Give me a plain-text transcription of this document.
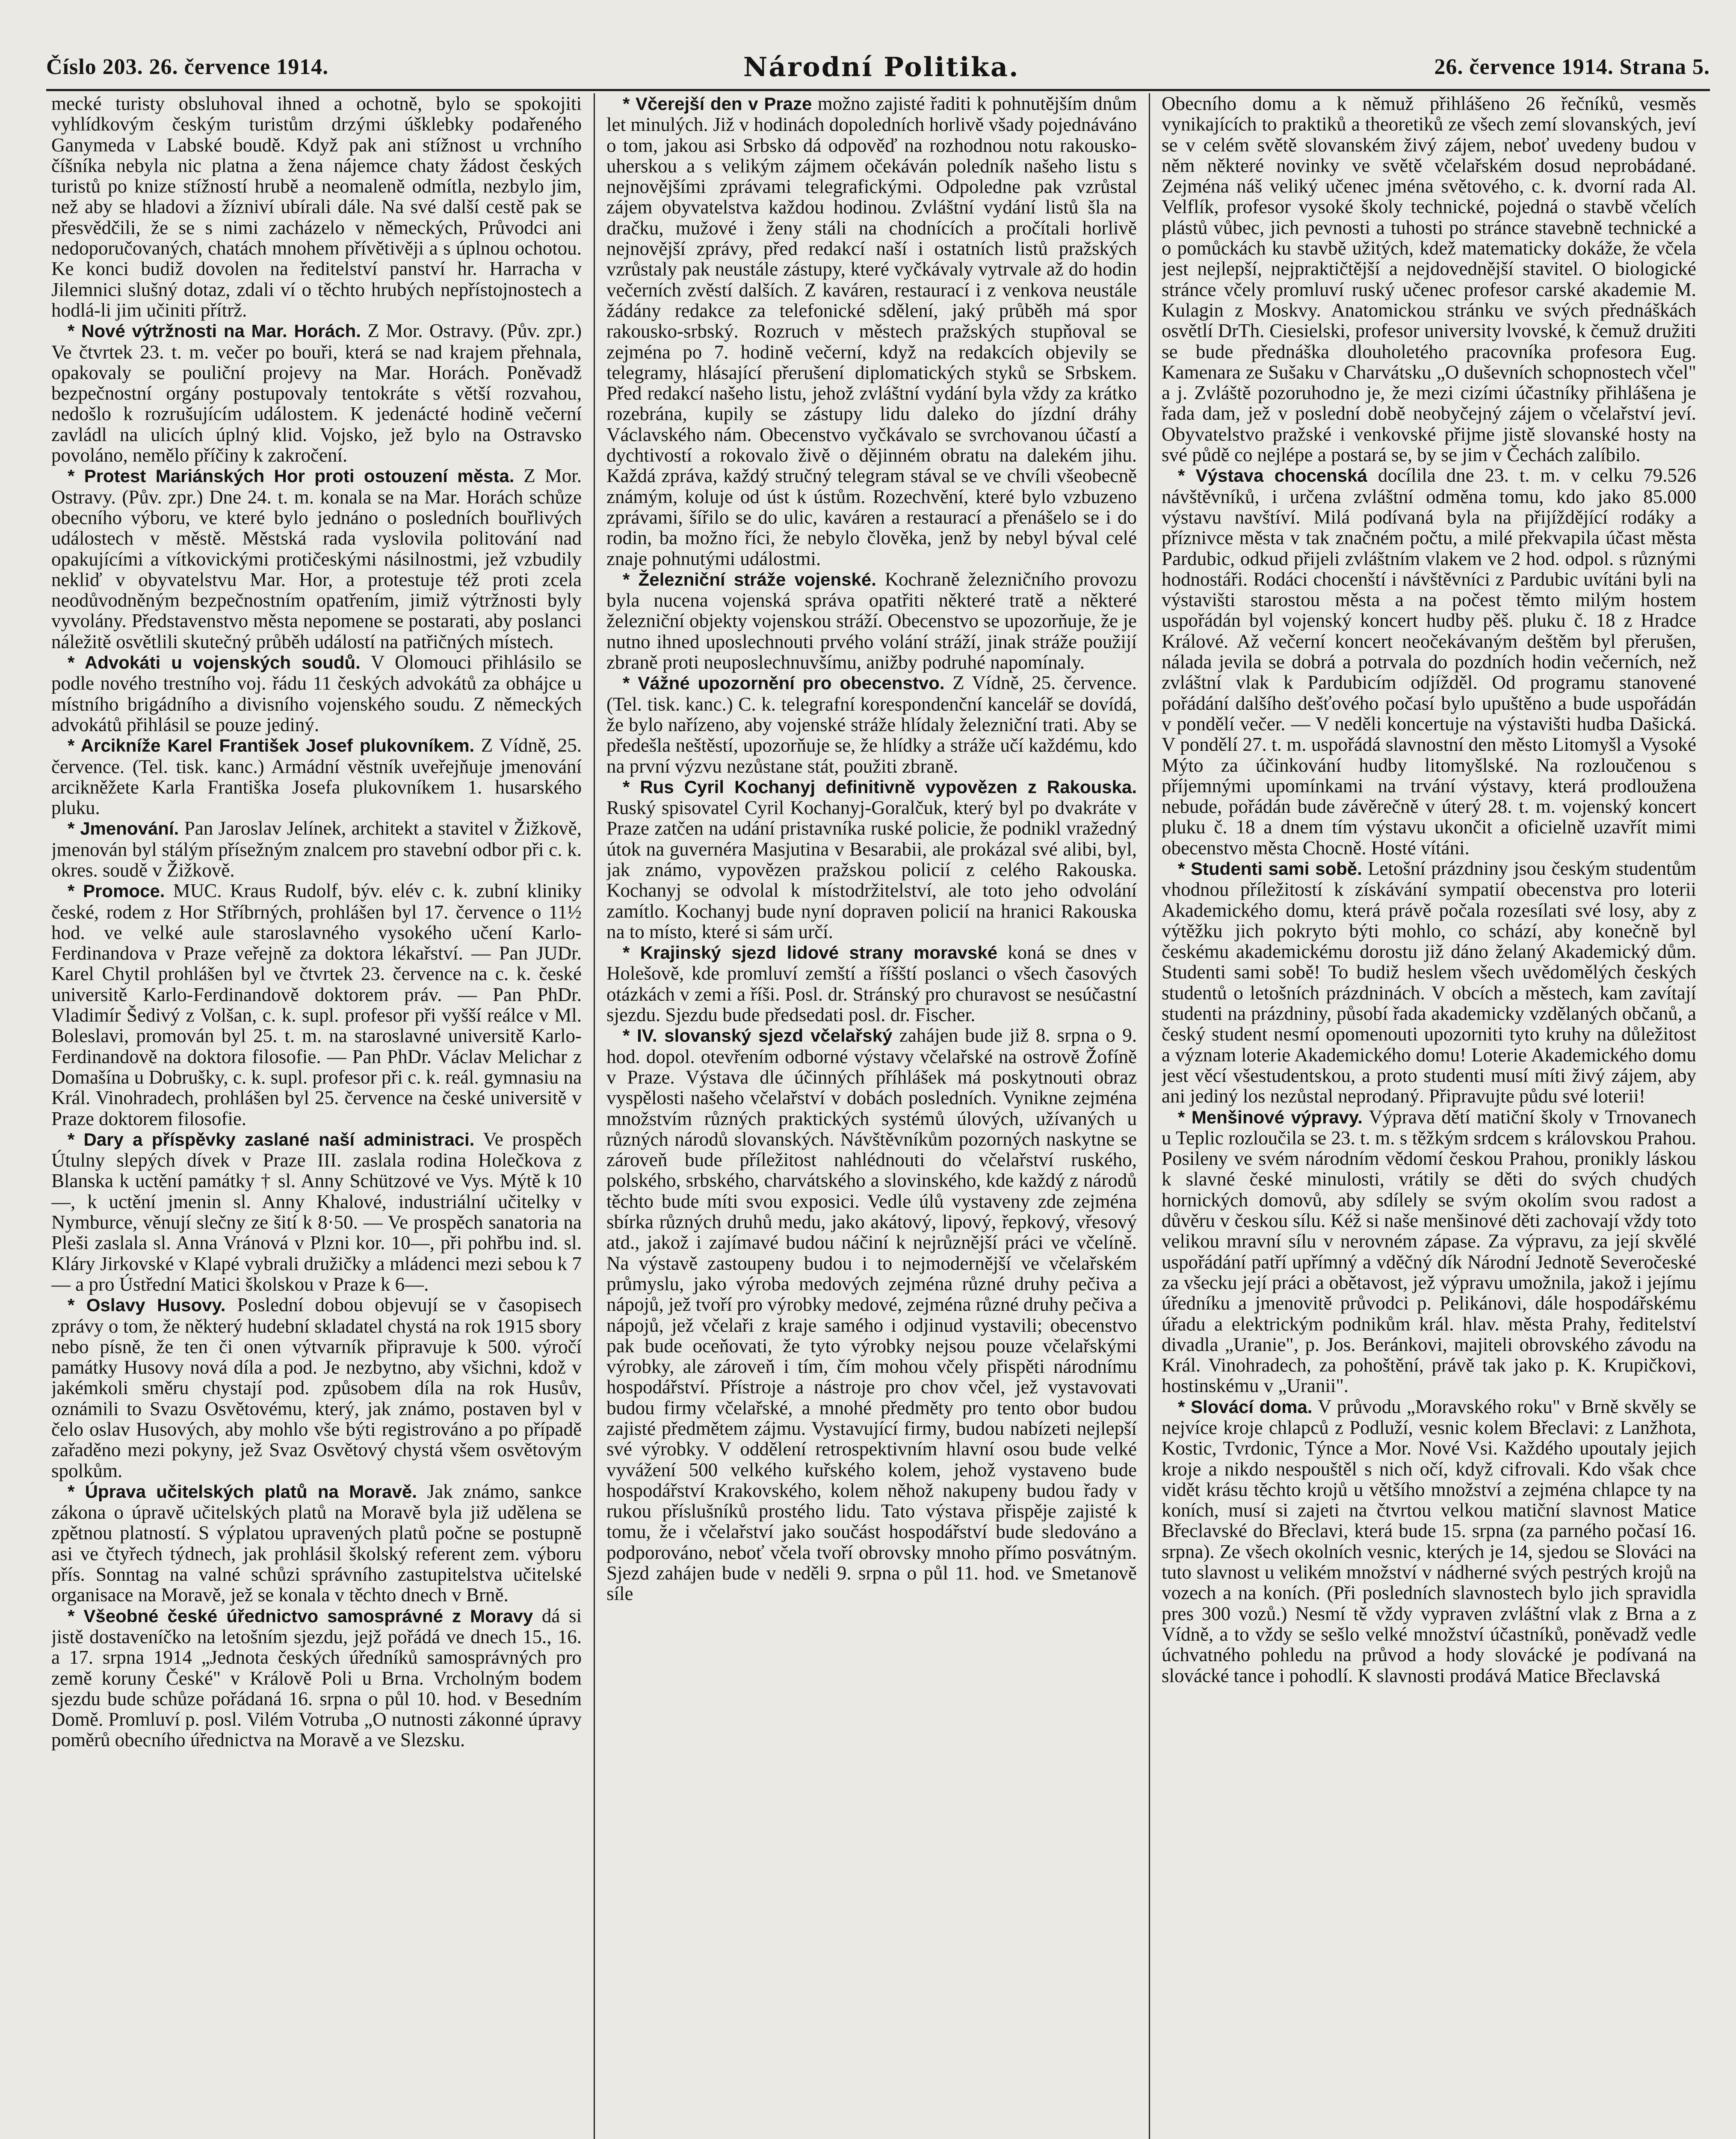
Číslo 203. 26. července 1914.	Národní Politika.	26. července 1914. Strana 5.

mecké turisty obsluhoval ihned a ochotně, bylo se spokojiti vyhlídkovým českým turistům drzými úšklebky podařeného Ganymeda v Labské boudě. Když pak ani stížnost u vrchního číšníka nebyla nic platna a žena nájemce chaty žádost českých turistů po knize stížností hrubě a neomaleně odmítla, nezbylo jim, než aby se hladovi a žízniví ubírali dále. Na své další cestě pak se přesvědčili, že se s nimi zacházelo v německých, Průvodci ani nedoporučovaných, chatách mnohem přívětivěji a s úplnou ochotou. Ke konci budiž dovolen na ředitelství panství hr. Harracha v Jilemnici slušný dotaz, zdali ví o těchto hrubých nepřístojnostech a hodlá-li jim učiniti přítrž.

* Nové výtržnosti na Mar. Horách. Z Mor. Ostravy. (Pův. zpr.) Ve čtvrtek 23. t. m. večer po bouři, která se nad krajem přehnala, opakovaly se pouliční projevy na Mar. Horách. Poněvadž bezpečnostní orgány postupovaly tentokráte s větší rozvahou, nedošlo k rozrušujícím událostem. K jedenácté hodině večerní zavládl na ulicích úplný klid. Vojsko, jež bylo na Ostravsko povoláno, nemělo příčiny k zakročení.

* Protest Mariánských Hor proti ostouzení města. Z Mor. Ostravy. (Pův. zpr.) Dne 24. t. m. konala se na Mar. Horách schůze obecního výboru, ve které bylo jednáno o posledních bouřlivých událostech v městě. Městská rada vyslovila politování nad opakujícími a vítkovickými protičeskými násilnostmi, jež vzbudily nekliď v obyvatelstvu Mar. Hor, a protestuje též proti zcela neodůvodněným bezpečnostním opatřením, jimiž výtržnosti byly vyvolány. Představenstvo města nepomene se postarati, aby poslanci náležitě osvětlili skutečný průběh událostí na patřičných místech.

* Advokáti u vojenských soudů. V Olomouci přihlásilo se podle nového trestního voj. řádu 11 českých advokátů za obhájce u místního brigádního a divisního vojenského soudu. Z německých advokátů přihlásil se pouze jediný.

* Arcikníže Karel František Josef plukovníkem. Z Vídně, 25. července. (Tel. tisk. kanc.) Armádní věstník uveřejňuje jmenování arcikněžete Karla Františka Josefa plukovníkem 1. husarského pluku.

* Jmenování. Pan Jaroslav Jelínek, architekt a stavitel v Žižkově, jmenován byl stálým přísežným znalcem pro stavební odbor při c. k. okres. soudě v Žižkově.

* Promoce. MUC. Kraus Rudolf, býv. elév c. k. zubní kliniky české, rodem z Hor Stříbrných, prohlášen byl 17. července o 11½ hod. ve velké aule staroslavného vysokého učení Karlo-Ferdinandova v Praze veřejně za doktora lékařství. — Pan JUDr. Karel Chytil prohlášen byl ve čtvrtek 23. července na c. k. české universitě Karlo-Ferdinandově doktorem práv. — Pan PhDr. Vladimír Šedivý z Volšan, c. k. supl. profesor při vyšší reálce v Ml. Boleslavi, promován byl 25. t. m. na staroslavné universitě Karlo-Ferdinandově na doktora filosofie. — Pan PhDr. Václav Melichar z Domašína u Dobrušky, c. k. supl. profesor při c. k. reál. gymnasiu na Král. Vinohradech, prohlášen byl 25. července na české universitě v Praze doktorem filosofie.

* Dary a příspěvky zaslané naší administraci. Ve prospěch Útulny slepých dívek v Praze III. zaslala rodina Holečkova z Blanska k uctění památky † sl. Anny Schützové ve Vys. Mýtě k 10—, k uctění jmenin sl. Anny Khalové, industriální učitelky v Nymburce, věnují slečny ze šití k 8·50. — Ve prospěch sanatoria na Pleši zaslala sl. Anna Vránová v Plzni kor. 10—, při pohřbu ind. sl. Kláry Jirkovské v Klapé vybrali družičky a mládenci mezi sebou k 7— a pro Ústřední Matici školskou v Praze k 6—.

* Oslavy Husovy. Poslední dobou objevují se v časopisech zprávy o tom, že některý hudební skladatel chystá na rok 1915 sbory nebo písně, že ten či onen výtvarník připravuje k 500. výročí památky Husovy nová díla a pod. Je nezbytno, aby všichni, kdož v jakémkoli směru chystají pod. způsobem díla na rok Husův, oznámili to Svazu Osvětovému, který, jak známo, postaven byl v čelo oslav Husových, aby mohlo vše býti registrováno a po případě zařaděno mezi pokyny, jež Svaz Osvětový chystá všem osvětovým spolkům.

* Úprava učitelských platů na Moravě. Jak známo, sankce zákona o úpravě učitelských platů na Moravě byla již udělena se zpětnou platností. S výplatou upravených platů počne se postupně asi ve čtyřech týdnech, jak prohlásil školský referent zem. výboru přís. Sonntag na valné schůzi správního zastupitelstva učitelské organisace na Moravě, jež se konala v těchto dnech v Brně.

* Všeobné české úřednictvo samosprávné z Moravy dá si jistě dostaveníčko na letošním sjezdu, jejž pořádá ve dnech 15., 16. a 17. srpna 1914 „Jednota českých úředníků samosprávných pro země koruny České" v Králově Poli u Brna. Vrcholným bodem sjezdu bude schůze pořádaná 16. srpna o půl 10. hod. v Besedním Domě. Promluví p. posl. Vilém Votruba „O nutnosti zákonné úpravy poměrů obecního úřednictva na Moravě a ve Slezsku.

* Včerejší den v Praze možno zajisté řaditi k pohnutějším dnům let minulých. Již v hodinách dopoledních horlivě všady pojednáváno o tom, jakou asi Srbsko dá odpověď na rozhodnou notu rakousko-uherskou a s velikým zájmem očekáván poledník našeho listu s nejnovějšími zprávami telegrafickými. Odpoledne pak vzrůstal zájem obyvatelstva každou hodinou. Zvláštní vydání listů šla na dračku, mužové i ženy stáli na chodnících a pročítali horlivě nejnovější zprávy, před redakcí naší i ostatních listů pražských vzrůstaly pak neustále zástupy, které vyčkávaly vytrvale až do hodin večerních zvěstí dalších. Z kaváren, restaurací i z venkova neustále žádány redakce za telefonické sdělení, jaký průběh má spor rakousko-srbský. Rozruch v městech pražských stupňoval se zejména po 7. hodině večerní, když na redakcích objevily se telegramy, hlásající přerušení diplomatických styků se Srbskem. Před redakcí našeho listu, jehož zvláštní vydání byla vždy za krátko rozebrána, kupily se zástupy lidu daleko do jízdní dráhy Václavského nám. Obecenstvo vyčkávalo se svrchovanou účastí a dychtivostí a rokovalo živě o dějinném obratu na dalekém jihu. Každá zpráva, každý stručný telegram stával se ve chvíli všeobecně známým, koluje od úst k ústům. Rozechvění, které bylo vzbuzeno zprávami, šířilo se do ulic, kaváren a restaurací a přenášelo se i do rodin, ba možno říci, že nebylo člověka, jenž by nebyl býval celé znaje pohnutými událostmi.

* Železniční stráže vojenské. Kochraně železničního provozu byla nucena vojenská správa opatřiti některé tratě a některé železniční objekty vojenskou stráží. Obecenstvo se upozorňuje, že je nutno ihned uposlechnouti prvého volání stráží, jinak stráže použijí zbraně proti neuposlechnuvšímu, anižby podruhé napomínaly.

* Vážné upozornění pro obecenstvo. Z Vídně, 25. července. (Tel. tisk. kanc.) C. k. telegrafní korespondenční kancelář se dovídá, že bylo nařízeno, aby vojenské stráže hlídaly železniční trati. Aby se předešla neštěstí, upozorňuje se, že hlídky a stráže učí každému, kdo na první výzvu nezůstane stát, použiti zbraně.

* Rus Cyril Kochanyj definitivně vypovězen z Rakouska. Ruský spisovatel Cyril Kochanyj-Goralčuk, který byl po dvakráte v Praze zatčen na udání pristavníka ruské policie, že podnikl vražedný útok na guvernéra Masjutina v Besarabii, ale prokázal své alibi, byl, jak známo, vypovězen pražskou policií z celého Rakouska. Kochanyj se odvolal k místodržitelství, ale toto jeho odvolání zamítlo. Kochanyj bude nyní dopraven policií na hranici Rakouska na to místo, které si sám určí.

* Krajinský sjezd lidové strany moravské koná se dnes v Holešově, kde promluví zemští a říšští poslanci o všech časových otázkách v zemi a říši. Posl. dr. Stránský pro churavost se nesúčastní sjezdu. Sjezdu bude předsedati posl. dr. Fischer.

* IV. slovanský sjezd včelařský zahájen bude již 8. srpna o 9. hod. dopol. otevřením odborné výstavy včelařské na ostrově Žofíně v Praze. Výstava dle účinných příhlášek má poskytnouti obraz vyspělosti našeho včelařství v dobách posledních. Vynikne zejména množstvím různých praktických systémů úlových, užívaných u různých národů slovanských. Návštěvníkům pozorných naskytne se zároveň bude příležitost nahlédnouti do včelařství ruského, polského, srbského, charvátského a slovinského, kde každý z národů těchto bude míti svou exposici. Vedle úlů vystaveny zde zejména sbírka různých druhů medu, jako akátový, lipový, řepkový, vřesový atd., jakož i zajímavé budou náčiní k nejrůznější práci ve včelíně. Na výstavě zastoupeny budou i to nejmodernější ve včelařském průmyslu, jako výroba medových zejména různé druhy pečiva a nápojů, jež tvoří pro výrobky medové, zejména různé druhy pečiva a nápojů, jež včelaři z kraje samého i odjinud vystavili; obecenstvo pak bude oceňovati, že tyto výrobky nejsou pouze včelařskými výrobky, ale zároveň i tím, čím mohou včely přispěti národnímu hospodářství. Přístroje a nástroje pro chov včel, jež vystavovati budou firmy včelařské, a mnohé předměty pro tento obor budou zajisté předmětem zájmu. Vystavující firmy, budou nabízeti nejlepší své výrobky. V oddělení retrospektivním hlavní osou bude velké vyvážení 500 velkého kuřského kolem, jehož vystaveno bude hospodářství Krakovského, kolem něhož nakupeny budou řady v rukou příslušníků prostého lidu. Tato výstava přispěje zajisté k tomu, že i včelařství jako součást hospodářství bude sledováno a podporováno, neboť včela tvoří obrovsky mnoho přímo posvátným. Sjezd zahájen bude v neděli 9. srpna o půl 11. hod. ve Smetanově síle

Obecního domu a k němuž přihlášeno 26 řečníků, vesměs vynikajících to praktiků a theoretiků ze všech zemí slovanských, jeví se v celém světě slovanském živý zájem, neboť uvedeny budou v něm některé novinky ve světě včelařském dosud neprobádané. Zejména náš veliký učenec jména světového, c. k. dvorní rada Al. Velflík, profesor vysoké školy technické, pojedná o stavbě včelích plástů vůbec, jich pevnosti a tuhosti po stránce stavebně technické a o pomůckách ku stavbě užitých, kdež matematicky dokáže, že včela jest nejlepší, nejpraktičtější a nejdovednější stavitel. O biologické stránce včely promluví ruský učenec profesor carské akademie M. Kulagin z Moskvy. Anatomickou stránku ve svých přednáškách osvětlí DrTh. Ciesielski, profesor university lvovské, k čemuž družiti se bude přednáška dlouholetého pracovníka profesora Eug. Kamenara ze Sušaku v Charvátsku „O duševních schopnostech včel" a j. Zvláště pozoruhodno je, že mezi cizími účastníky přihlášena je řada dam, jež v poslední době neobyčejný zájem o včelařství jeví. Obyvatelstvo pražské i venkovské přijme jistě slovanské hosty na své půdě co nejlépe a postará se, by se jim v Čechách zalíbilo.

* Výstava chocenská docílila dne 23. t. m. v celku 79.526 návštěvníků, i určena zvláštní odměna tomu, kdo jako 85.000 výstavu navštíví. Milá podívaná byla na přijíždějící rodáky a příznivce města v tak značném počtu, a milé překvapila účast města Pardubic, odkud přijeli zvláštním vlakem ve 2 hod. odpol. s různými hodnostáři. Rodáci chocenští i návštěvníci z Pardubic uvítáni byli na výstavišti starostou města a na počest těmto milým hostem uspořádán byl vojenský koncert hudby pěš. pluku č. 18 z Hradce Králové. Až večerní koncert neočekávaným deštěm byl přerušen, nálada jevila se dobrá a potrvala do pozdních hodin večerních, než zvláštní vlak k Pardubicím odjížděl. Od programu stanovené pořádání dalšího dešťového počasí bylo upuštěno a bude uspořádán v pondělí večer. — V neděli koncertuje na výstavišti hudba Dašická. V pondělí 27. t. m. uspořádá slavnostní den město Litomyšl a Vysoké Mýto za účinkování hudby litomyšlské. Na rozloučenou s příjemnými upomínkami na trvání výstavy, která prodloužena nebude, pořádán bude závěrečně v úterý 28. t. m. vojenský koncert pluku č. 18 a dnem tím výstavu ukončit a oficielně uzavřít mimi obecenstvo města Chocně. Hosté vítáni.

* Studenti sami sobě. Letošní prázdniny jsou českým studentům vhodnou příležitostí k získávání sympatií obecenstva pro loterii Akademického domu, která právě počala rozesílati své losy, aby z výtěžku jich pokryto býti mohlo, co schází, aby konečně byl českému akademickému dorostu již dáno želaný Akademický dům. Studenti sami sobě! To budiž heslem všech uvědomělých českých studentů o letošních prázdninách. V obcích a městech, kam zavítají studenti na prázdniny, působí řada akademicky vzdělaných občanů, a český student nesmí opomenouti upozorniti tyto kruhy na důležitost a význam loterie Akademického domu! Loterie Akademického domu jest věcí všestudentskou, a proto studenti musí míti živý zájem, aby ani jediný los nezůstal neprodaný. Připravujte půdu své loterii!

* Menšinové výpravy. Výprava dětí matiční školy v Trnovanech u Teplic rozloučila se 23. t. m. s těžkým srdcem s královskou Prahou. Posileny ve svém národním vědomí českou Prahou, pronikly láskou k slavné české minulosti, vrátily se děti do svých chudých hornických domovů, aby sdílely se svým okolím svou radost a důvěru v českou sílu. Kéž si naše menšinové děti zachovají vždy toto velikou mravní sílu v nerovném zápase. Za výpravu, za její skvělé uspořádání patří upřímný a vděčný dík Národní Jednotě Severočeské za všecku její práci a obětavost, jež výpravu umožnila, jakož i jejímu úředníku a jmenovitě průvodci p. Pelikánovi, dále hospodářskému úřadu a elektrickým podnikům král. hlav. města Prahy, ředitelství divadla „Uranie", p. Jos. Beránkovi, majiteli obrovského závodu na Král. Vinohradech, za pohoštění, právě tak jako p. K. Krupičkovi, hostinskému v „Uranii".

* Slovácí doma. V průvodu „Moravského roku" v Brně skvěly se nejvíce kroje chlapců z Podluží, vesnic kolem Břeclavi: z Lanžhota, Kostic, Tvrdonic, Týnce a Mor. Nové Vsi. Každého upoutaly jejich kroje a nikdo nespouštěl s nich očí, když cifrovali. Kdo však chce vidět krásu těchto krojů u většího množství a zejména chlapce ty na koních, musí si zajeti na čtvrtou velkou matiční slavnost Matice Břeclavské do Břeclavi, která bude 15. srpna (za parného počasí 16. srpna). Ze všech okolních vesnic, kterých je 14, sjedou se Slováci na tuto slavnost u velikém množství v nádherné svých pestrých krojů na vozech a na koních. (Při posledních slavnostech bylo jich spravidla pres 300 vozů.) Nesmí tě vždy vypraven zvláštní vlak z Brna a z Vídně, a to vždy se sešlo velké množství účastníků, poněvadž vedle úchvatného pohledu na průvod a hody slovácké je podívaná na slovácké tance i pohodlí. K slavnosti prodává Matice Břeclavská
